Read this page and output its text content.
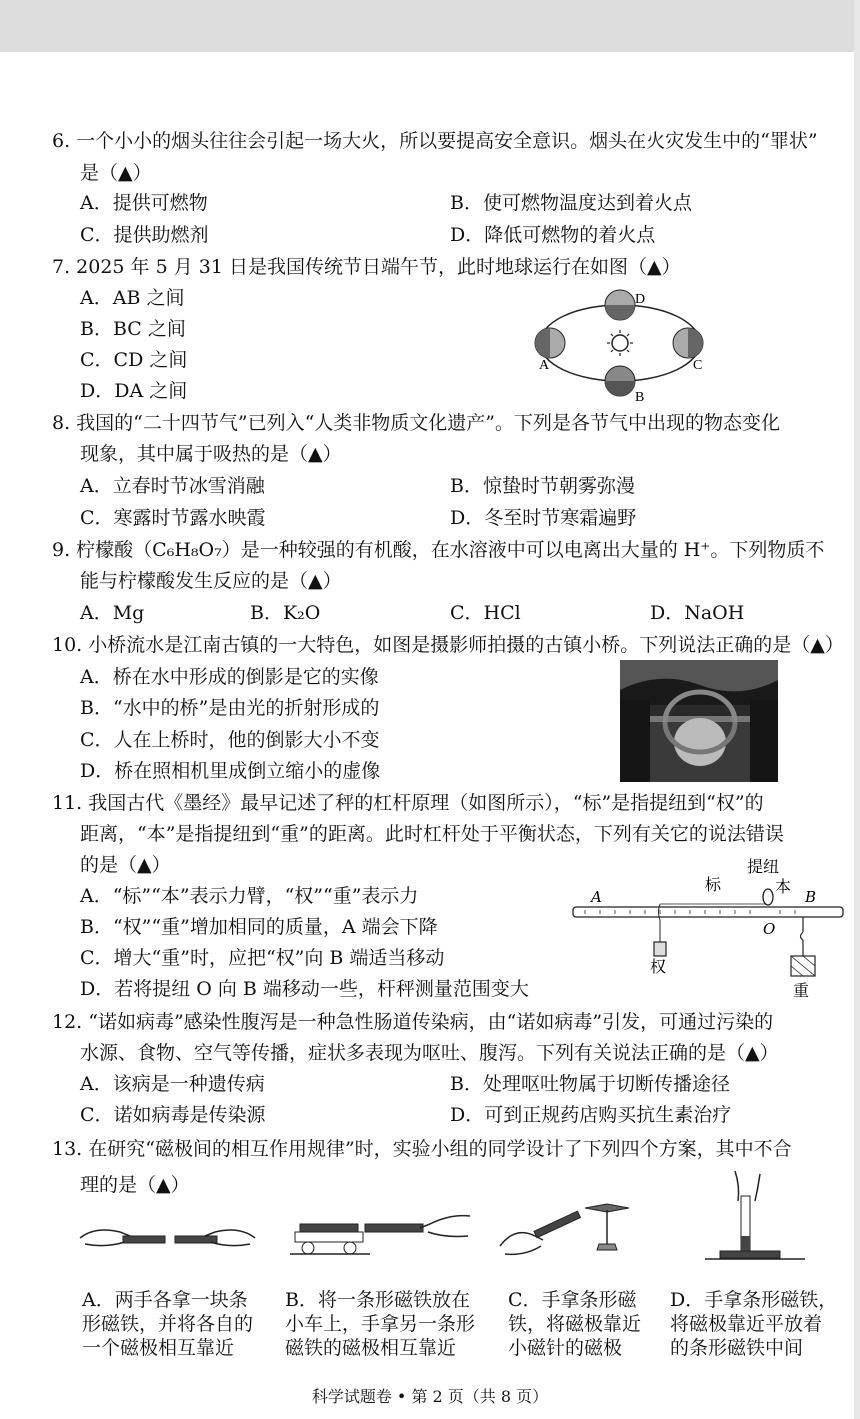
6. 一个小小的烟头往往会引起一场大火，所以要提高安全意识。烟头在火灾发生中的“罪状”
是（▲）
A．提供可燃物	B．使可燃物温度达到着火点
C．提供助燃剂	D．降低可燃物的着火点
7. 2025 年 5 月 31 日是我国传统节日端午节，此时地球运行在如图（▲）
A．AB 之间
B．BC 之间
C．CD 之间
D．DA 之间
D
C
B
A
8. 我国的“二十四节气”已列入“人类非物质文化遗产”。下列是各节气中出现的物态变化
现象，其中属于吸热的是（▲）
A．立春时节冰雪消融	B．惊蛰时节朝雾弥漫
C．寒露时节露水映霞	D．冬至时节寒霜遍野
9. 柠檬酸（C₆H₈O₇）是一种较强的有机酸，在水溶液中可以电离出大量的 H⁺。下列物质不
能与柠檬酸发生反应的是（▲）
A．Mg	B．K₂O	C．HCl	D．NaOH
10. 小桥流水是江南古镇的一大特色，如图是摄影师拍摄的古镇小桥。下列说法正确的是（▲）
A．桥在水中形成的倒影是它的实像
B．“水中的桥”是由光的折射形成的
C．人在上桥时，他的倒影大小不变
D．桥在照相机里成倒立缩小的虚像
11. 我国古代《墨经》最早记述了秤的杠杆原理（如图所示），“标”是指提纽到“权”的
距离，“本”是指提纽到“重”的距离。此时杠杆处于平衡状态，下列有关它的说法错误
的是（▲）
A．“标”“本”表示力臂，“权”“重”表示力
B．“权”“重”增加相同的质量，A 端会下降
C．增大“重”时，应把“权”向 B 端适当移动
D．若将提纽 O 向 B 端移动一些，杆秤测量范围变大
提纽
标	本
A	B
O
权
重
12. “诺如病毒”感染性腹泻是一种急性肠道传染病，由“诺如病毒”引发，可通过污染的
水源、食物、空气等传播，症状多表现为呕吐、腹泻。下列有关说法正确的是（▲）
A．该病是一种遗传病	B．处理呕吐物属于切断传播途径
C．诺如病毒是传染源	D．可到正规药店购买抗生素治疗
13. 在研究“磁极间的相互作用规律”时，实验小组的同学设计了下列四个方案，其中不合
理的是（▲）
A．两手各拿一块条
形磁铁，并将各自的
一个磁极相互靠近
B．将一条形磁铁放在
小车上，手拿另一条形
磁铁的磁极相互靠近
C．手拿条形磁
铁，将磁极靠近
小磁针的磁极
D．手拿条形磁铁，
将磁极靠近平放着
的条形磁铁中间
科学试题卷 • 第 2 页（共 8 页）
